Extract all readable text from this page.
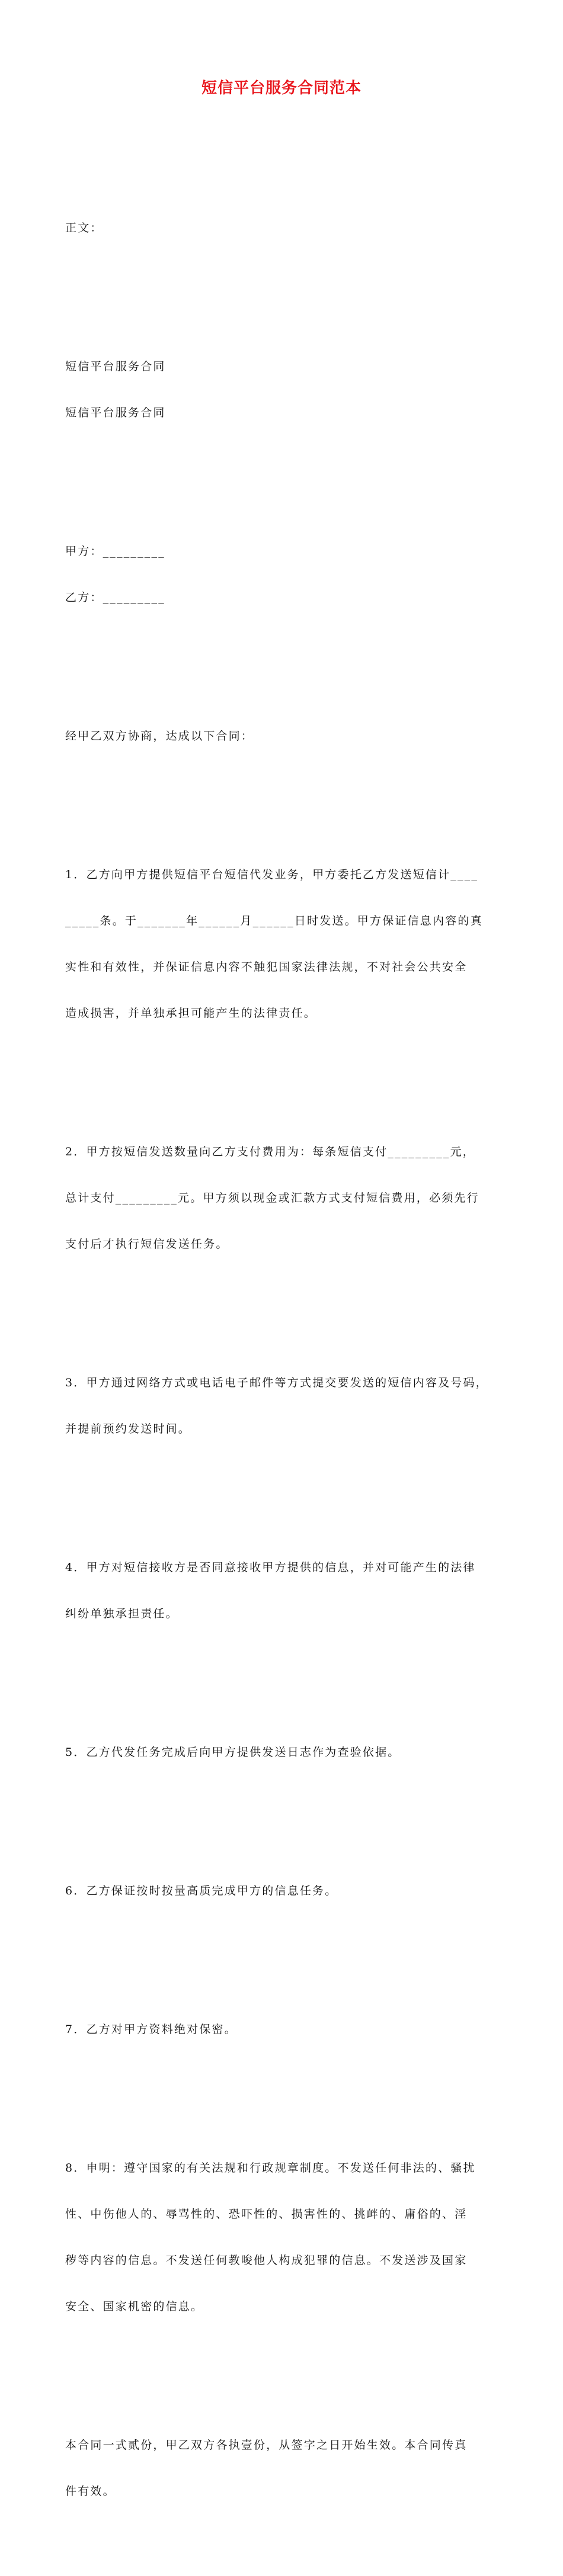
短信平台服务合同范本

正文：

短信平台服务合同

短信平台服务合同

甲方：_________

乙方：_________

经甲乙双方协商，达成以下合同：

1．乙方向甲方提供短信平台短信代发业务，甲方委托乙方发送短信计____

_____条。于_______年______月______日时发送。甲方保证信息内容的真

实性和有效性，并保证信息内容不触犯国家法律法规，不对社会公共安全

造成损害，并单独承担可能产生的法律责任。

2．甲方按短信发送数量向乙方支付费用为：每条短信支付_________元，

总计支付_________元。甲方须以现金或汇款方式支付短信费用，必须先行

支付后才执行短信发送任务。

3．甲方通过网络方式或电话电子邮件等方式提交要发送的短信内容及号码，

并提前预约发送时间。

4．甲方对短信接收方是否同意接收甲方提供的信息，并对可能产生的法律

纠纷单独承担责任。

5．乙方代发任务完成后向甲方提供发送日志作为查验依据。

6．乙方保证按时按量高质完成甲方的信息任务。

7．乙方对甲方资料绝对保密。

8．申明：遵守国家的有关法规和行政规章制度。不发送任何非法的、骚扰

性、中伤他人的、辱骂性的、恐吓性的、损害性的、挑衅的、庸俗的、淫

秽等内容的信息。不发送任何教唆他人构成犯罪的信息。不发送涉及国家

安全、国家机密的信息。

本合同一式贰份，甲乙双方各执壹份，从签字之日开始生效。本合同传真

件有效。
